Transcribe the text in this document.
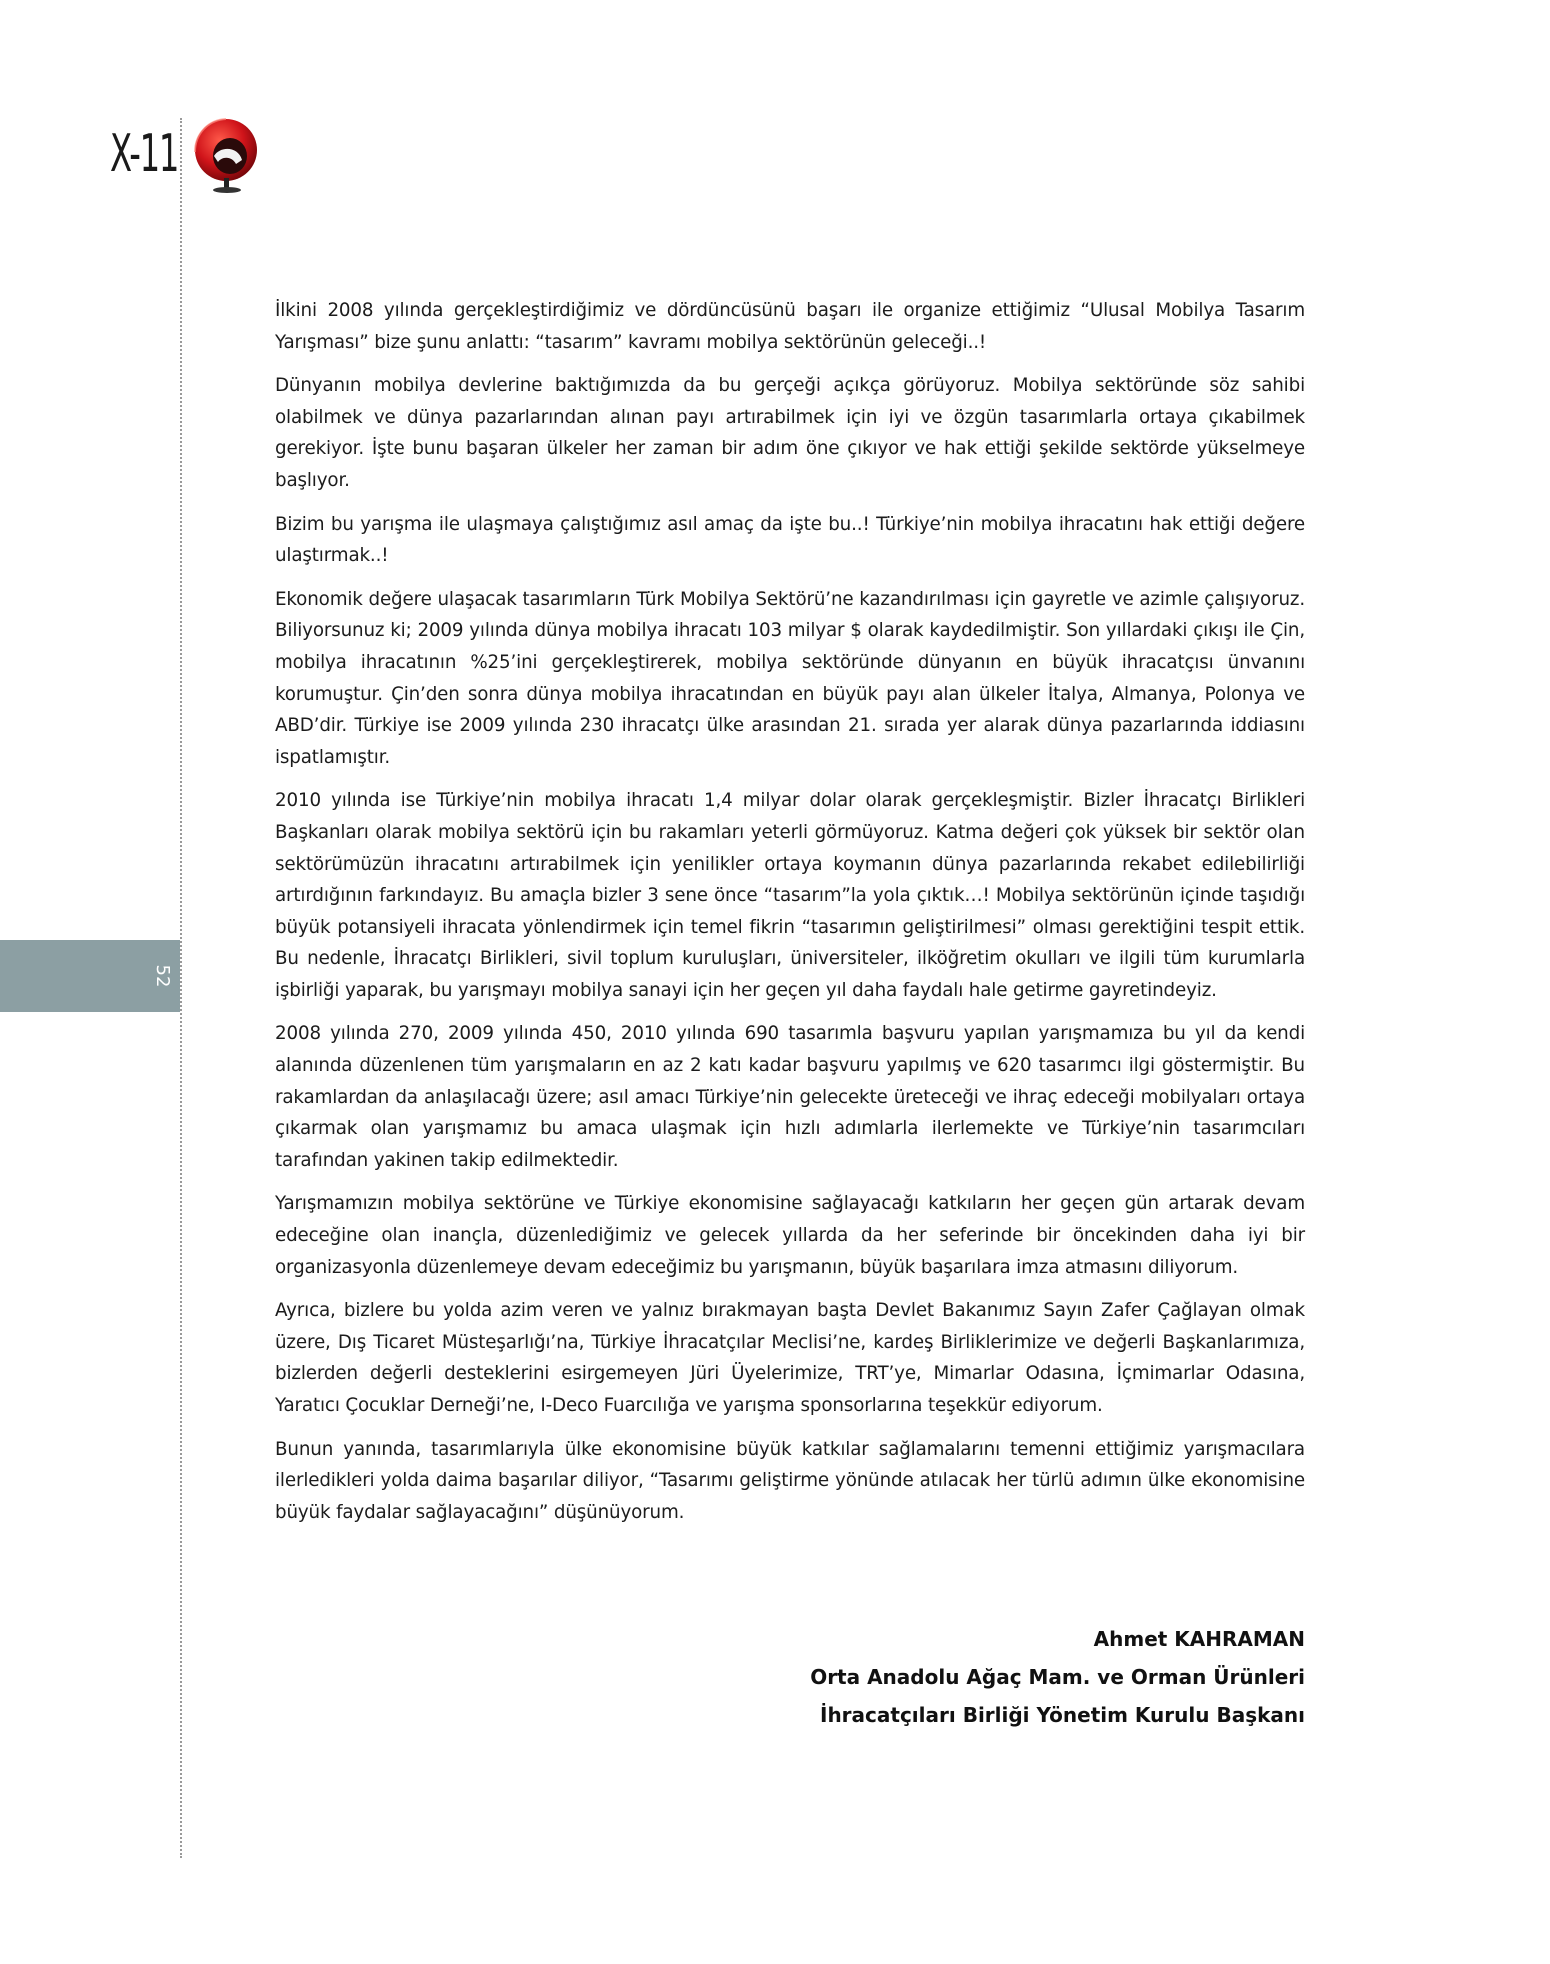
X-11
52

İlkini 2008 yılında gerçekleştirdiğimiz ve dördüncüsünü başarı ile organize ettiğimiz “Ulusal Mobilya Tasarım Yarışması” bize şunu anlattı: “tasarım” kavramı mobilya sektörünün geleceği..!

Dünyanın mobilya devlerine baktığımızda da bu gerçeği açıkça görüyoruz. Mobilya sektöründe söz sahibi olabilmek ve dünya pazarlarından alınan payı artırabilmek için iyi ve özgün tasarımlarla ortaya çıkabilmek gerekiyor. İşte bunu başaran ülkeler her zaman bir adım öne çıkıyor ve hak ettiği şekilde sektörde yükselmeye başlıyor.

Bizim bu yarışma ile ulaşmaya çalıştığımız asıl amaç da işte bu..! Türkiye’nin mobilya ihracatını hak ettiği değere ulaştırmak..!

Ekonomik değere ulaşacak tasarımların Türk Mobilya Sektörü’ne kazandırılması için gayretle ve azimle çalışıyoruz. Biliyorsunuz ki; 2009 yılında dünya mobilya ihracatı 103 milyar $ olarak kaydedilmiştir. Son yıllardaki çıkışı ile Çin, mobilya ihracatının %25’ini gerçekleştirerek, mobilya sektöründe dünyanın en büyük ihracatçısı ünvanını korumuştur. Çin’den sonra dünya mobilya ihracatından en büyük payı alan ülkeler İtalya, Almanya, Polonya ve ABD’dir. Türkiye ise 2009 yılında 230 ihracatçı ülke arasından 21. sırada yer alarak dünya pazarlarında iddiasını ispatlamıştır.

2010 yılında ise Türkiye’nin mobilya ihracatı 1,4 milyar dolar olarak gerçekleşmiştir. Bizler İhracatçı Birlikleri Başkanları olarak mobilya sektörü için bu rakamları yeterli görmüyoruz. Katma değeri çok yüksek bir sektör olan sektörümüzün ihracatını artırabilmek için yenilikler ortaya koymanın dünya pazarlarında rekabet edilebilirliği artırdığının farkındayız. Bu amaçla bizler 3 sene önce “tasarım”la yola çıktık…! Mobilya sektörünün içinde taşıdığı büyük potansiyeli ihracata yönlendirmek için temel fikrin “tasarımın geliştirilmesi” olması gerektiğini tespit ettik. Bu nedenle, İhracatçı Birlikleri, sivil toplum kuruluşları, üniversiteler, ilköğretim okulları ve ilgili tüm kurumlarla işbirliği yaparak, bu yarışmayı mobilya sanayi için her geçen yıl daha faydalı hale getirme gayretindeyiz.

2008 yılında 270, 2009 yılında 450, 2010 yılında 690 tasarımla başvuru yapılan yarışmamıza bu yıl da kendi alanında düzenlenen tüm yarışmaların en az 2 katı kadar başvuru yapılmış ve 620 tasarımcı ilgi göstermiştir. Bu rakamlardan da anlaşılacağı üzere; asıl amacı Türkiye’nin gelecekte üreteceği ve ihraç edeceği mobilyaları ortaya çıkarmak olan yarışmamız bu amaca ulaşmak için hızlı adımlarla ilerlemekte ve Türkiye’nin tasarımcıları tarafından yakinen takip edilmektedir.

Yarışmamızın mobilya sektörüne ve Türkiye ekonomisine sağlayacağı katkıların her geçen gün artarak devam edeceğine olan inançla, düzenlediğimiz ve gelecek yıllarda da her seferinde bir öncekinden daha iyi bir organizasyonla düzenlemeye devam edeceğimiz bu yarışmanın, büyük başarılara imza atmasını diliyorum.

Ayrıca, bizlere bu yolda azim veren ve yalnız bırakmayan başta Devlet Bakanımız Sayın Zafer Çağlayan olmak üzere, Dış Ticaret Müsteşarlığı’na, Türkiye İhracatçılar Meclisi’ne, kardeş Birliklerimize ve değerli Başkanlarımıza, bizlerden değerli desteklerini esirgemeyen Jüri Üyelerimize, TRT’ye, Mimarlar Odasına, İçmimarlar Odasına, Yaratıcı Çocuklar Derneği’ne, I-Deco Fuarcılığa ve yarışma sponsorlarına teşekkür ediyorum.

Bunun yanında, tasarımlarıyla ülke ekonomisine büyük katkılar sağlamalarını temenni ettiğimiz yarışmacılara ilerledikleri yolda daima başarılar diliyor, “Tasarımı geliştirme yönünde atılacak her türlü adımın ülke ekonomisine büyük faydalar sağlayacağını” düşünüyorum.

Ahmet KAHRAMAN
Orta Anadolu Ağaç Mam. ve Orman Ürünleri
İhracatçıları Birliği Yönetim Kurulu Başkanı
